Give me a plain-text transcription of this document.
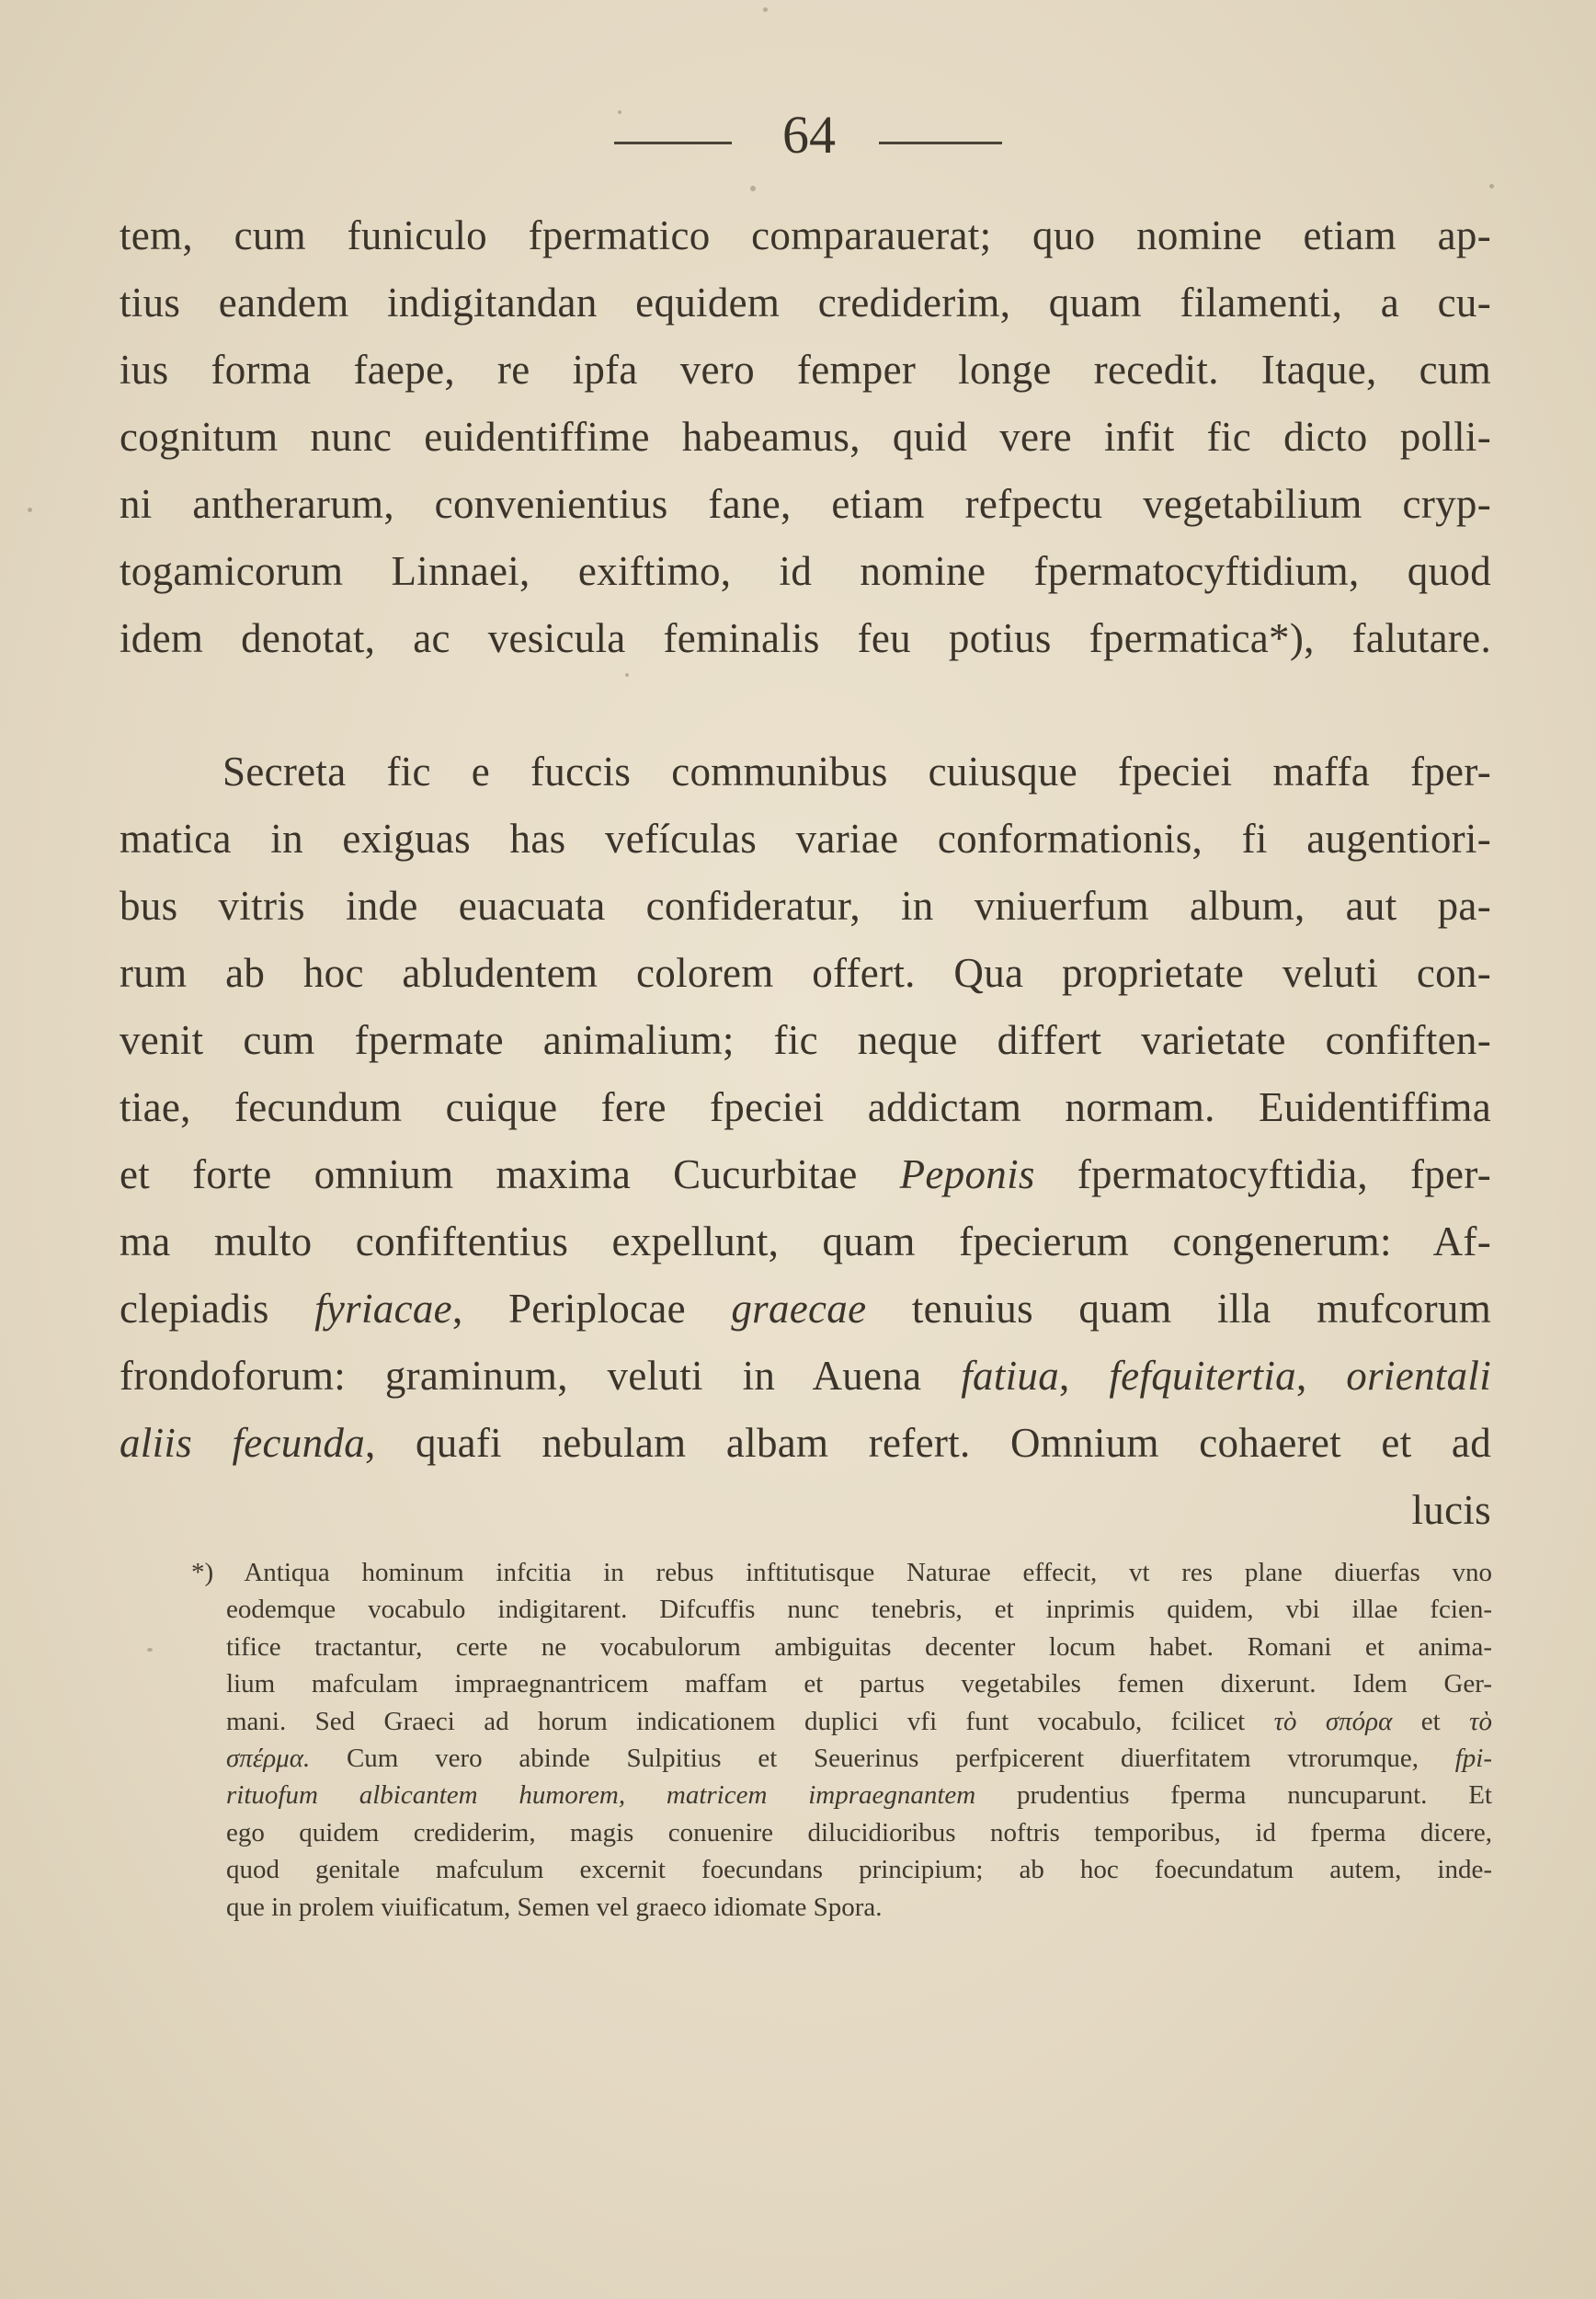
64
tem, cum funiculo fpermatico comparauerat; quo nomine etiam ap-
tius eandem indigitandan equidem crediderim, quam filamenti, a cu-
ius forma faepe, re ipfa vero femper longe recedit. Itaque, cum
cognitum nunc euidentiffime habeamus, quid vere infit fic dicto polli-
ni antherarum, convenientius fane, etiam refpectu vegetabilium cryp-
togamicorum Linnaei, exiftimo, id nomine fpermatocyftidium, quod
idem denotat, ac vesicula feminalis feu potius fpermatica*), falutare.
Secreta fic e fuccis communibus cuiusque fpeciei maffa fper-
matica in exiguas has vefículas variae conformationis, fi augentiori-
bus vitris inde euacuata confideratur, in vniuerfum album, aut pa-
rum ab hoc abludentem colorem offert. Qua proprietate veluti con-
venit cum fpermate animalium; fic neque differt varietate confiften-
tiae, fecundum cuique fere fpeciei addictam normam. Euidentiffima
et forte omnium maxima Cucurbitae Peponis fpermatocyftidia, fper-
ma multo confiftentius expellunt, quam fpecierum congenerum: Af-
clepiadis fyriacae, Periplocae graecae tenuius quam illa mufcorum
frondoforum: graminum, veluti in Auena fatiua, fefquitertia, orientali
aliis fecunda, quafi nebulam albam refert. Omnium cohaeret et ad
lucis
*) Antiqua hominum infcitia in rebus inftitutisque Naturae effecit, vt res plane diuerfas vno
eodemque vocabulo indigitarent. Difcuffis nunc tenebris, et inprimis quidem, vbi illae fcien-
tifice tractantur, certe ne vocabulorum ambiguitas decenter locum habet. Romani et anima-
lium mafculam impraegnantricem maffam et partus vegetabiles femen dixerunt. Idem Ger-
mani. Sed Graeci ad horum indicationem duplici vfi funt vocabulo, fcilicet τὸ σπόρα et τὸ
σπέρμα. Cum vero abinde Sulpitius et Seuerinus perfpicerent diuerfitatem vtrorumque, fpi-
rituofum albicantem humorem, matricem impraegnantem prudentius fperma nuncuparunt. Et
ego quidem crediderim, magis conuenire dilucidioribus noftris temporibus, id fperma dicere,
quod genitale mafculum excernit foecundans principium; ab hoc foecundatum autem, inde-
que in prolem viuificatum, Semen vel graeco idiomate Spora.
